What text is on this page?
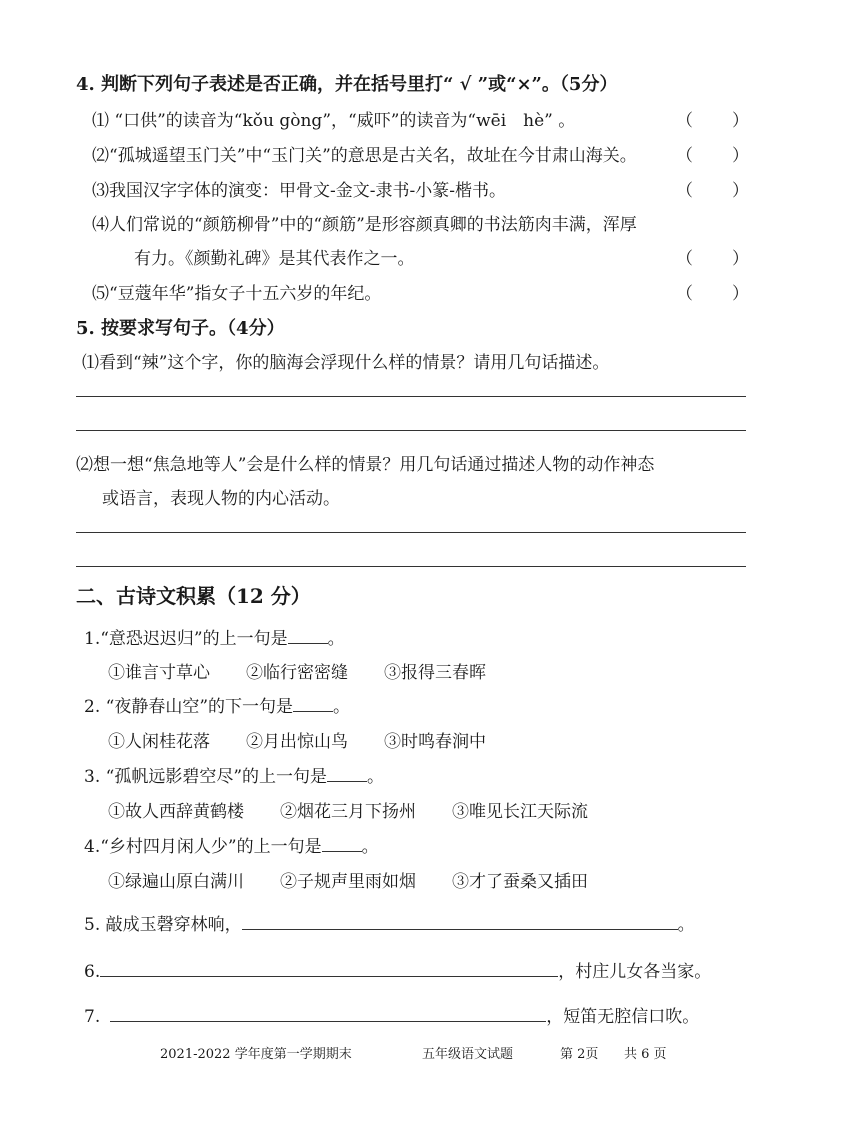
4. 判断下列句子表述是否正确，并在括号里打“ √ ”或“×”。（5分）
⑴ “口供”的读音为“kǒu gòng”，“威吓”的读音为“wēi　hè” 。	（ ）
⑵“孤城遥望玉门关”中“玉门关”的意思是古关名，故址在今甘肃山海关。 （ ）
⑶我国汉字字体的演变：甲骨文-金文-隶书-小篆-楷书。	（ ）
⑷人们常说的“颜筋柳骨”中的“颜筋”是形容颜真卿的书法筋肉丰满，浑厚
有力。《颜勤礼碑》是其代表作之一。	（ ）
⑸“豆蔻年华”指女子十五六岁的年纪。	（ ）
5. 按要求写句子。（4分）
⑴看到“辣”这个字，你的脑海会浮现什么样的情景？请用几句话描述。
⑵想一想“焦急地等人”会是什么样的情景？用几句话通过描述人物的动作神态
或语言，表现人物的内心活动。
二、古诗文积累（12 分）
1.“意恐迟迟归”的上一句是 。
①谁言寸草心 ②临行密密缝 ③报得三春晖
2. “夜静春山空”的下一句是 。
①人闲桂花落 ②月出惊山鸟 ③时鸣春涧中
3. “孤帆远影碧空尽”的上一句是 。
①故人西辞黄鹤楼 ②烟花三月下扬州 ③唯见长江天际流
4.“乡村四月闲人少”的上一句是 。
①绿遍山原白满川 ②子规声里雨如烟 ③才了蚕桑又插田
5. 敲成玉磬穿林响，	。
6.	，村庄儿女各当家。
7.	，短笛无腔信口吹。
2021-2022 学年度第一学期期末	五年级语文试题	第 2页 共 6 页
